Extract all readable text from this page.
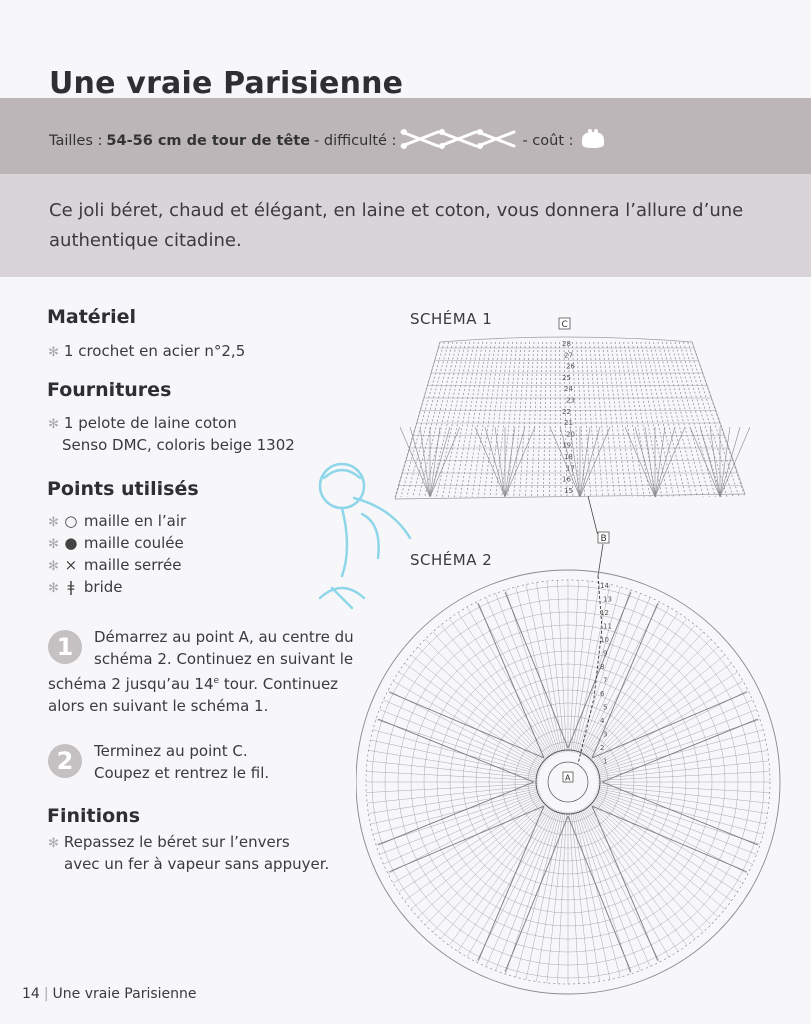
Une vraie Parisienne
Tailles : 54-56 cm de tour de tête - difficulté :	- coût :
Ce joli béret, chaud et élégant, en laine et coton, vous donnera l’allure d’une authentique citadine.
Matériel
✻ 1 crochet en acier n°2,5
Fournitures
✻ 1 pelote de laine coton
Senso DMC, coloris beige 1302
Points utilisés
✻ ○ maille en l’air
✻ ● maille coulée
✻ × maille serrée
✻ ǂ bride
1	Démarrez au point A, au centre du schéma 2. Continuez en suivant le schéma 2 jusqu’au 14e tour. Continuez alors en suivant le schéma 1.
2	Terminez au point C.
Coupez et rentrez le fil.
Finitions
✻ Repassez le béret sur l’envers
avec un fer à vapeur sans appuyer.
SCHÉMA 1
SCHÉMA 2
28
27
26
25
24
23
22
21
20
19
18
17
16
15
C
B
14
13
12
11
10
9
8
7
6
5
4
3
2
1
A
14 | Une vraie Parisienne
